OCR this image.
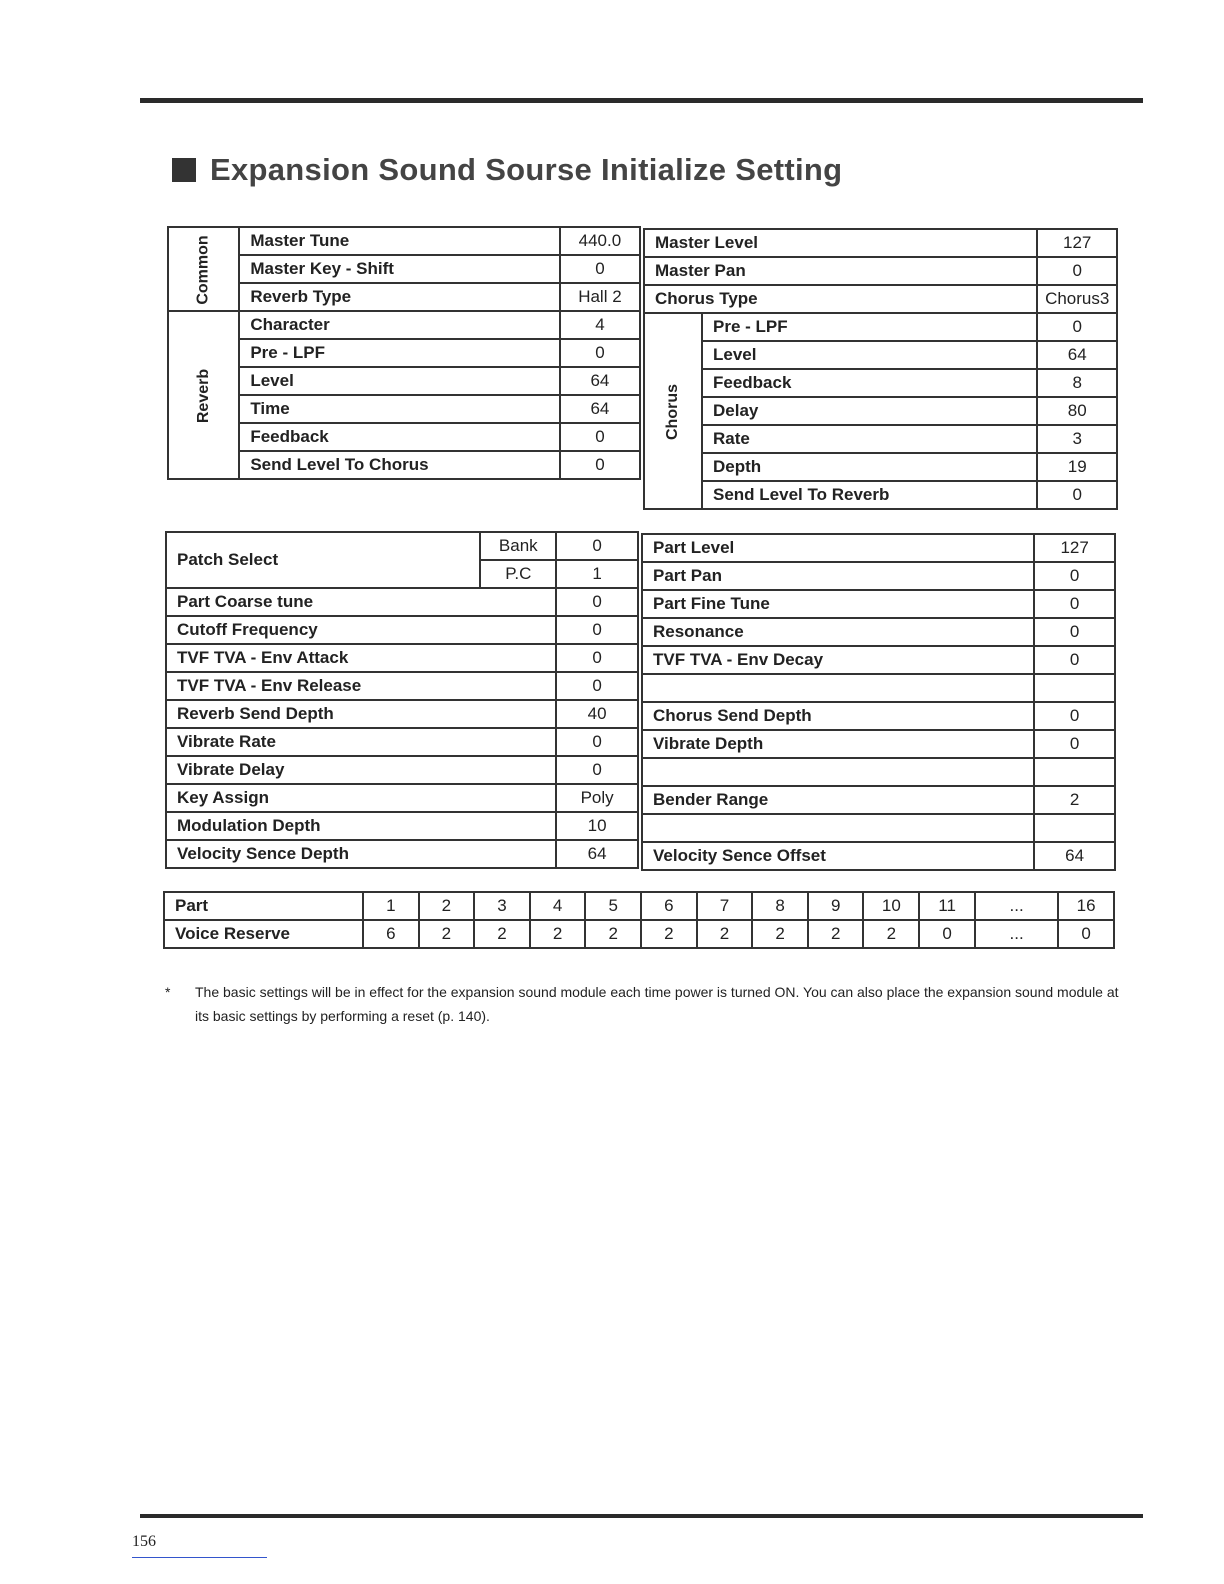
Expansion Sound Sourse Initialize Setting
Common	Master Tune	440.0
	Master Key - Shift	0
	Reverb Type	Hall 2
Reverb	Character	4
	Pre - LPF	0
	Level	64
	Time	64
	Feedback	0
	Send Level To Chorus	0
Master Level		127
Master Pan		0
Chorus Type		Chorus3
Chorus	Pre - LPF	0
	Level	64
	Feedback	8
	Delay	80
	Rate	3
	Depth	19
	Send Level To Reverb	0
Patch Select	Bank	0
	P.C	1
Part Coarse tune		0
Cutoff Frequency		0
TVF TVA - Env Attack		0
TVF TVA - Env Release		0
Reverb Send Depth		40
Vibrate Rate		0
Vibrate Delay		0
Key Assign		Poly
Modulation Depth		10
Velocity Sence Depth		64
Part Level	127
Part Pan	0
Part Fine Tune	0
Resonance	0
TVF TVA - Env Decay	0

Chorus Send Depth	0
Vibrate Depth	0

Bender Range	2

Velocity Sence Offset	64
Part	1	2	3	4	5	6	7	8	9	10	11	...	16
Voice Reserve	6	2	2	2	2	2	2	2	2	2	0	...	0
*	The basic settings will be in effect for the expansion sound module each time power is turned ON. You can also place the expansion sound module at its basic settings by performing a reset (p. 140).
156
